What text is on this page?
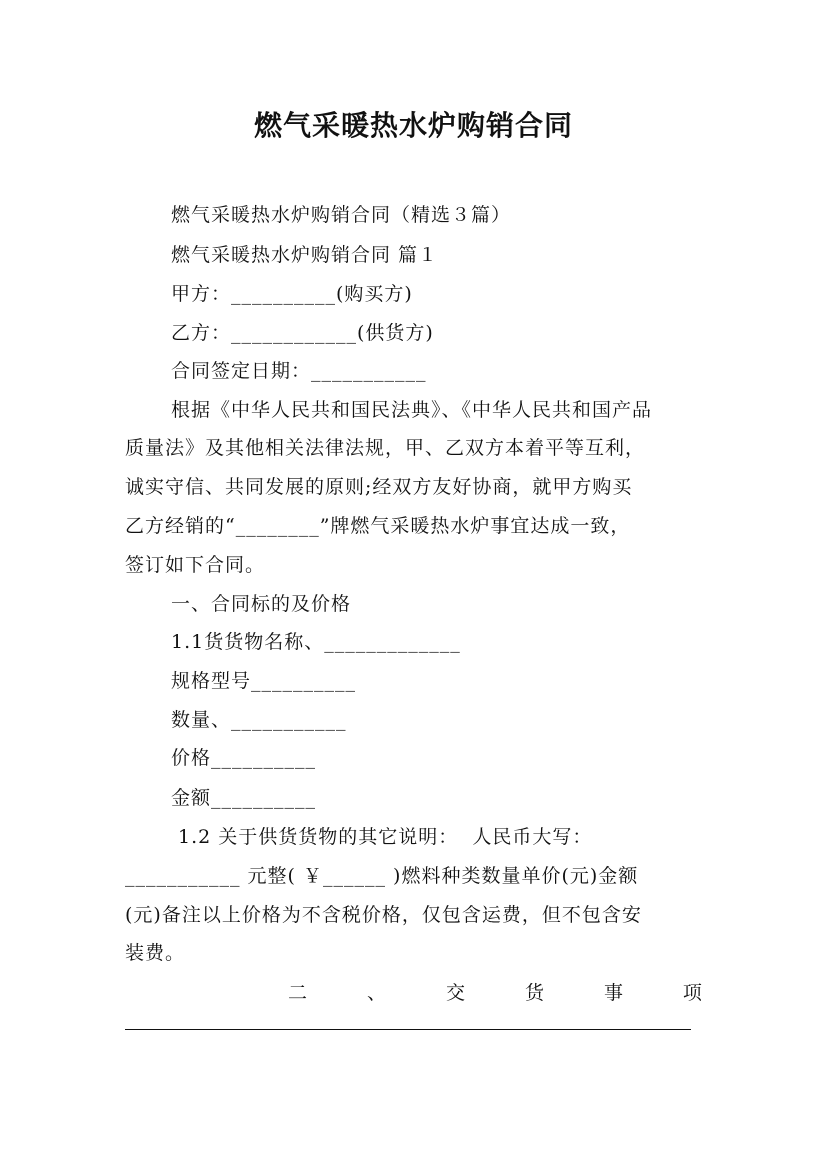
燃气采暖热水炉购销合同
燃气采暖热水炉购销合同（精选３篇）
燃气采暖热水炉购销合同 篇１
甲方：__________(购买方)
乙方：____________(供货方)
合同签定日期：___________
根据《中华人民共和国民法典》、《中华人民共和国产品
质量法》及其他相关法律法规，甲、乙双方本着平等互利，
诚实守信、共同发展的原则;经双方友好协商，就甲方购买
乙方经销的“________”牌燃气采暖热水炉事宜达成一致，
签订如下合同。
一、合同标的及价格
1.1货货物名称、_____________
规格型号__________
数量、___________
价格__________
金额__________
1.2 关于供货货物的其它说明：  人民币大写：
___________ 元整( ￥______ )燃料种类数量单价(元)金额
(元)备注以上价格为不含税价格，仅包含运费，但不包含安
装费。
二	、	交	货	事	项
